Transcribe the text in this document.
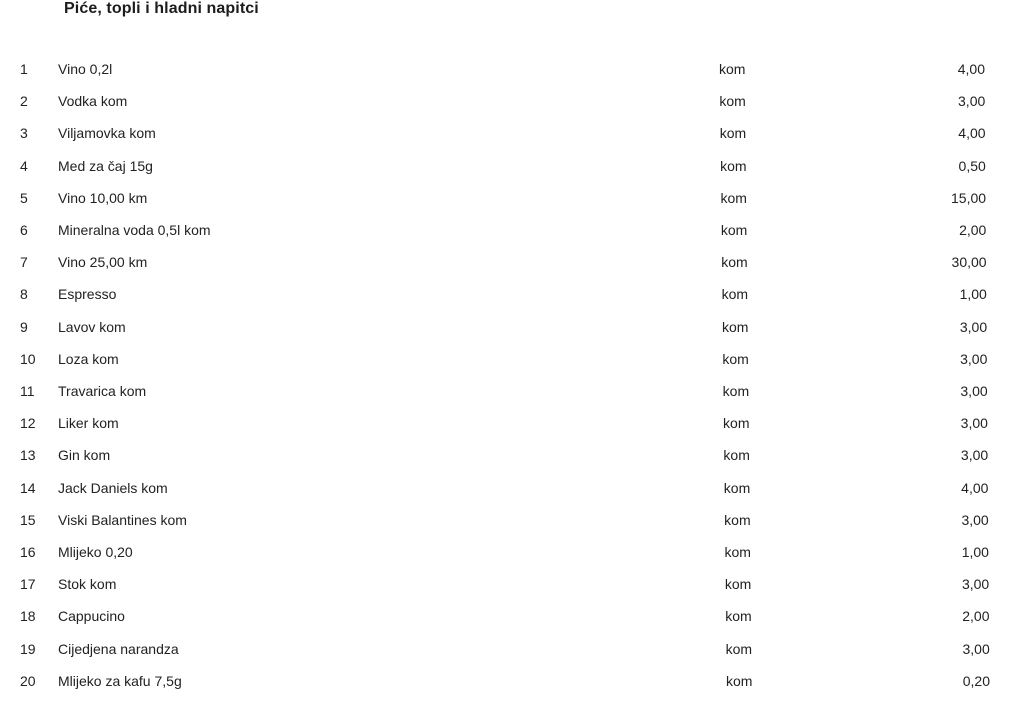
Piće, topli i hladni napitci
1	Vino 0,2l	kom	4,00
2	Vodka kom	kom	3,00
3	Viljamovka kom	kom	4,00
4	Med za čaj 15g	kom	0,50
5	Vino 10,00 km	kom	15,00
6	Mineralna voda 0,5l kom	kom	2,00
7	Vino 25,00 km	kom	30,00
8	Espresso	kom	1,00
9	Lavov kom	kom	3,00
10	Loza kom	kom	3,00
11	Travarica kom	kom	3,00
12	Liker kom	kom	3,00
13	Gin kom	kom	3,00
14	Jack Daniels kom	kom	4,00
15	Viski Balantines kom	kom	3,00
16	Mlijeko 0,20	kom	1,00
17	Stok kom	kom	3,00
18	Cappucino	kom	2,00
19	Cijedjena narandza	kom	3,00
20	Mlijeko za kafu 7,5g	kom	0,20
